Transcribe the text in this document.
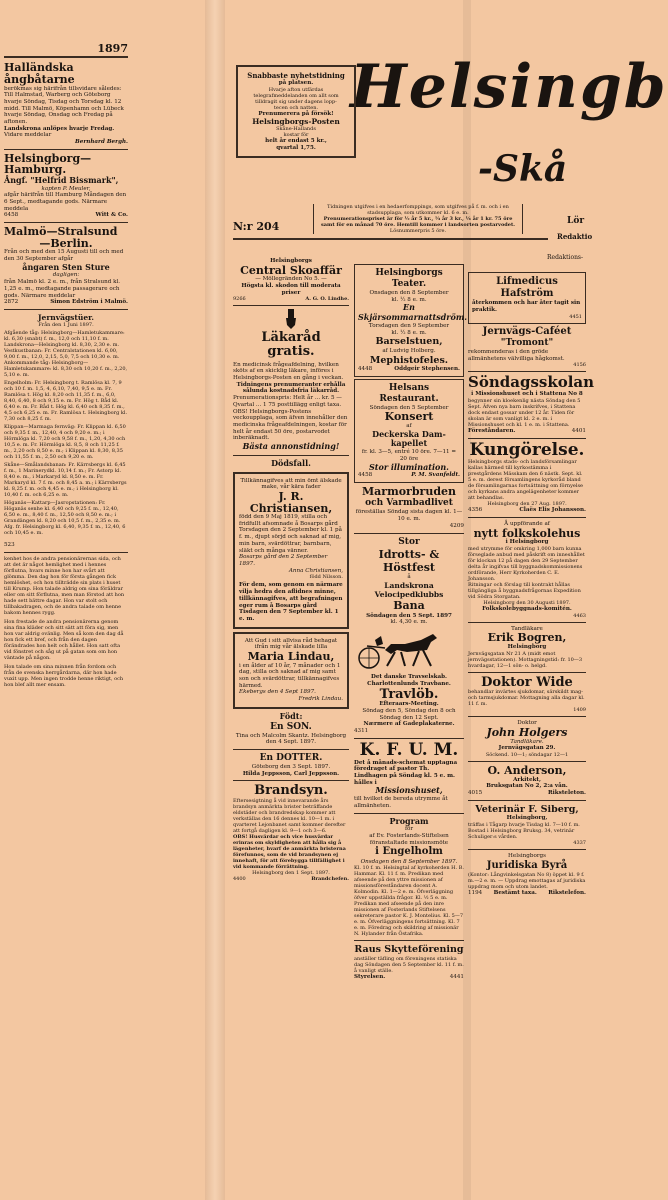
Helsingb
-Skå
Lör
Redaktio
Redaktions-
Snabbaste nyhetstidning
på platsen.
Hvarje afton utfärdas telegrafmeddelanden om allt som tilldragit sig under dagens lopp-
tecen och natten.
Prenumerera på försök!
Helsingborgs-Posten
Skåne-Hallands
kostar för
helt år endast 5 kr.,
qvartal 1,75.
N:r 204
Tidningen utgifves i en hedaerfomppings, som utgifves på f. m. och i en stadsupplaga, som utkommer kl. 6 e. m.
Prenumerationspriset är för ½ år 5 kr., ¼ år 3 kr., ¼ år 1 kr. 75 öre samt för en månad 70 öre. Hemtill kommer i landsorten postarvodet.
Lösnummerpris 5 öre.
1897
Halländska ångbåtarne
berökmas sig härifrån tillsvidare således: Till Halmstad, Warberg och Göteborg hvarje Söndag, Tisdag och Torsdag kl. 12 midd. Till Malmö, Köpenhamn och Lübeck hvarje Söndag, Onsdag och Fredag på aftonen.
Landskrona anlöpes hvarje Fredag.
Vidare meddelar
Bernhard Bergh.
Helsingborg—Hamburg.
Ångf. "Helfrid Bissmark",
kapten P. Meuler,
afgår härifrån till Hamburg Måndagen den 6 Sept., medtagande gods. Närmare meddela
6458	Witt & Co.
Malmö—Stralsund
—Berlin.
Från och med den 15 Augusti till och med den 30 September afgår
ångaren Sten Sture
dagligen:
från Malmö kl. 2 e. m., från Stralsund kl. 1,25 e. m., medtagande passagerare och gods. Närmare meddelar
2872	Simon Edström i Malmö.
Jernvägstüer.
Från den 1 Juni 1897.
Afgående tåg: Helsingborg—Hamletukammare: kl. 6,30 (snabt) f. m., 12,0 och 11,10 f. m. Landskrona—Helsingborg kl. 8,30, 2,30 e. m. Vestkustbanan: Fr. Centralstationen kl. 6,00, 9,00 f. m., 12,0, 2,15, 5,0, 7,5 och 10,30 e. m. Ankommande tåg: Helsingborg—Hamletukammare: kl. 8,30 och 10,20 f. m., 2,20, 5,10 e. m.
Engelholm: Fr. Helsingborg t. Ramlösa kl. 7, 9 och 10 f. m. 1,5, 4, 6,10, 7,40, 9,5 e. m. Fr. Ramlösa t. Hög kl. 8,20 och 11,35 f. m., 6,0, 8,40, 6,40, 8 och 9,15 e. m. Fr. Hög t. Båd kl. 6,40 e. m. Fr. Båd t. Hög kl. 6,40 och 8,35 f. m., 4,5 och 6,25 e. m. Fr. Ramlösa t. Helsingborg kl. 7,30 och 8,25 f. m.
Klippan—Marmaga fernväg: Fr. Klippan kl. 6,50 och 9,35 f. m., 12,40, 4 och 9,20 e. m.; i Hörmlöga kl. 7,20 och 9,58 f. m., 1,20, 4,30 och 10,5 e. m. Fr. Hörmlöga kl. 8,5, 8 och 11,25 f. m., 2,20 och 8,50 e. m.; i Klippan kl. 8,30, 8,35 och 11,55 f. m., 2,50 och 9,20 e. m.
Skåne—Smålandsbanan: Fr. Kärrsbergs kl. 6,45 f. m., 1 Marinerydkl. 10,14 f. m.; Fr. Astorp kl. 8,40 e. m., i Markaryd kl. 8,50 e. m. Fr. Markaryd kl. 7 f. m. och 8,45 a. m.; i Kärrsbergs kl. 8,25 f. m. och 4,45 e. m.; i Helsingborg kl. 10,40 f. m. och 6,25 e. m.
Höganäs—Kattarp—Jasropstationen: Fr. Höganäs senhe kl. 6,40 och 9,25 f. m., 12,40, 6,50 e. m., 8,40 f. m., 12,50 och 8,50 e. m.; i Grandängen kl. 8,20 och 10,5 f. m., 2,35 e. m. Afg. fr. Helsingborg kl. 6,40, 9,35 f. m., 12,40, 6 och 10,45 e. m.
523
kenhet hos de andra pensionärernas sida, och att det är något hemlighet med i hennes förflutna, hvars minne hon har svårt att glömma. Den dag hon för första gången fick hemlöshet, och hon tillträdde sin plats i huset till Krump. Hon talade aldrig om sina föräldrar eller om sitt förflutna, men man förstod att hon hade sett bättre dagar. Hon var stolt och tillbakadragen, och de andra talade om henne bakom hennes rygg.
Hon frestade de andra pensionärerna genom sina fina kläder och sitt sätt att föra sig, men hon var aldrig ovänlig. Men så kom den dag då hon fick ett bref, och från den dagen förändrades hon helt och hållet. Hon satt ofta vid fönstret och såg ut på gatan som om hon väntade på någon.
Hon talade om sina minnen från fordom och från de svenska herrgårdarna, där hon hade vuxit upp. Men ingen trodde henne riktigt, och hon blef allt mer ensam.
Helsingborgs
Central Skoaffär
— Möllegränden No 5. —
Högsta kl. skodon till moderata priser
9266	A. G. O. Lindhe.
Läkaråd
gratis.
En medicinsk frågeafdelning, hvilken sköts af en skicklig läkare, införes i Helsingborgs-Posten en gång i veckan.
Tidningens prenumeranter erhålla sålunda kostnadsfria läkarråd.
Prenumerationspris: Helt år ... kr. 5 — Qvartal ... 1 75 posttillägg enligt taxa.
OBS! Helsingborgs-Postens veckoupplaga, som äfven innehåller den medicinska frågeafdelningen, kostar för helt år endast 50 öre, postarvodet inberäknadt.
Bästa annonstidning!
Dödsfall.
Tillkännagifves att min ömt älskade make, vår kära fader
J. R. Christiansen,
född den 9 Maj 1819, stilla och fridfullt afsomnade å Bosarps gård Torsdagen den 2 September kl. 1 på f. m., djupt sörjd och saknad af mig, min barn, svärdöttrar, barnbarn, släkt och många vänner.
Bosarps gård den 2 September 1897.
Anna Christiansen,
född Nilsson.
För dem, som genom en närmare vilja hedra den aflidnes minne, tillkännagifves, att begrafningen eger rum å Bosarps gård Tisdagen den 7 September kl. 1 e. m.
Att Gud i sitt allvisa råd behagat ifrån mig vår älskade lilla
Maria Lindau,
i en ålder af 10 år, 7 månader och 1 dag, stilla och saknad af mig samt son och svärdöttrar, tillkännagifves härmed.
Ekebergs den 4 Sept 1897.
Fredrik Lindau.
Födt:
En SON.
Tina och Malcolm Skantz. Helsingborg den 4 Sept. 1897.
En DOTTER.
Göteborg den 3 Sept. 1897.
Hilda Jeppsson, Carl Jeppsson.
Brandsyn.
Eftersesigtning å vid innevarande års brandsyn anmärkta brister beträffande eldstäder och brandredskap kommer att verkställas den 16 dennes kl. 10—1 m. i qvarteret Lejonbanet samt kommer derefter att fortgå dagligen kl. 9—1 och 3—6.
OBS! Husvärdar och vice husvärdar erinras om skyldigheten att hålla sig å lägenheter, hvarf de anmärkta bristerna förefunnos, som de vid brandsynen ej innehaft, för att förebygga tillfällighet i vid kommande förrättning.
Helsingborg den 1 Sept. 1897.
4400	Brandchefen.
Helsingborgs Teater.
Onsdagen den 8 September
kl. ½ 8 e. m.
En Skjärsommarnattsdröm.
Torsdagen den 9 September
kl. ½ 8 e. m.
Barselstuen,
af Ludvig Holberg.
Mephistofeles.
4448	Oddgeir Stephensen.
Helsans Restaurant.
Söndagen den 5 September
Konsert
af
Deckerska Dam-kapellet
fr. kl. 3—5, entré 10 öre. 7—11 = 20 öre
Stor illumination.
4458	P. M. Svanfeldt.
Marmorbruden
och Varmbadlivet
föreställas Söndag sista dagen kl. 1—10 e. m.
4209
Stor
Idrotts- & Höstfest
å
Landskrona Velocipedklubbs
Bana
Söndagen den 5 Sept. 1897
kl. 4,30 e. m.
Det danske Travselskab. Charlottenlunds Travbane.
Travlöb.
Efteraars-Meeting.
Söndag den 5, Söndag den 8 och Söndag den 12 Sept.
Nærmere af Gadeplakaterne.
4311
K. F. U. M.
Det å månads-schemat upptagna föredraget af pastor Th. Lindhagen på Söndag kl. 5 e. m. hålles i
Missionshuset,
till hvilket de bereda utrymme åt allmänheten.
Program
för
af Ev. Fosterlands-Stiftelsen föranstaltade missionsmöte
i Engelholm
Onsdagen den 8 September 1897.
Kl. 10 f. m. Helsingtal af kyrkoherden H. B. Hammar. Kl. 11 f. m. Predikan med afseende på den yttre missionen af missionsföreståndaren docent A. Kolmodin. Kl. 1—2 e. m. Öfverläggning öfver uppställda frågor. Kl. ½ 5 e. m. Predikan med afseende på den inre missionen af Fosterlands Stiftelsens sekreterare pastor K. J. Montelius. Kl. 5—7 e. m. Öfverläggningens fortsättning. Kl. 7 e. m. Föredrag och skildring af missionär N. Hylander från Östafrika.
Raus Skytteförening
anställer täfling om föreningens statiska dag Söndagen den 5 September kl. 11 f. m. å vanligt ställe.
Styrelsen.	4441
Lifmedicus Hafström
återkommen och har åter tagit sin praktik.
4451
Jernvägs-Caféet
"Tromont"
rekommenderas i den gröde allmänhetens välvilliga hågkomst.
4156
Söndagsskolan
i Missionshuset och i Stattena No 8
begynner sin kloekenlig nästa Söndag den 5 Sept. Äfven nya barn inskrifves, i Stattena dock endast gossar under 12 år. Tiden för skolan är som vanligt kl. 2 e. m. i Missionshuset och kl. 1 e. m. i Stattena.
Föreståndaren.	4401
Kungörelse.
Helsingborgs stads- och landsförsamlingar kallas härmed till kyrkostämma i prestgårdens Mässkam den 6 nästk. Sept. kl. 5 e. m. derest församlingens kyrkoråd bland de församlingarnas fortsättning om förnyelse och kyrkans andra angelägenheter kommer att behandlas.
Helsingborg den 27 Aug. 1897.
4356	Claës Elis Johansson.
Å uppförande af
nytt folkskolehus
i Helsingborg
med utrymme för omkring 1,000 barn kunna förseglade anbud med påskrift om inneshållet för klockan 12 på dagen den 29 September delta år ingifvas till byggnadskommissionens ordförande, Herr Kyrkoherden C. E. Johansson.
Ritningar och förslag till kontrakt hållas tillgängliga å byggnadsfrågornas Expedition vid Södra Storgatan.
Helsingborg den 30 Augusti 1897.
Folkskolebyggnads-komitén.
4463
Tandläkare
Erik Bogren,
Helsingborg
Jernvägsgatan Nr 21 A (midt emot jernvägsstationen). Mottagningstid: fr. 10—3 hvardagar, 12—1 sön- o. helgd.
Doktor Wide
behandlar invärtes sjukdomar, särskildt mag- och tarmsjukdomar. Mottagning alla dagar kl. 11 f. m.
1409
Doktor
John Holgers
Tandläkare.
Jernvägsgatan 29.
Söckend. 10—1; söndagar 12—1
O. Anderson,
Arkitekt,
Bruksgatan No 2, 2:a vån.
4015	Riksteleton.
Veterinär F. Siberg,
Helsingborg,
träffas i Tågarp hvarje Tisdag kl. 7—10 f. m. Bostad i Helsingborg Bruksg. 34, vetrinär Schuliger:s vården.
4337
Helsingborgs
Juridiska Byrå
(Kontor: Långvinkelsgatan No 8) öppet kl. 9 f. m.—2 e. m. — Uppdrag emottagas af juridiska uppdrag mom och utom landet.
1194 Bestämt taxa. Rikstelefon.
